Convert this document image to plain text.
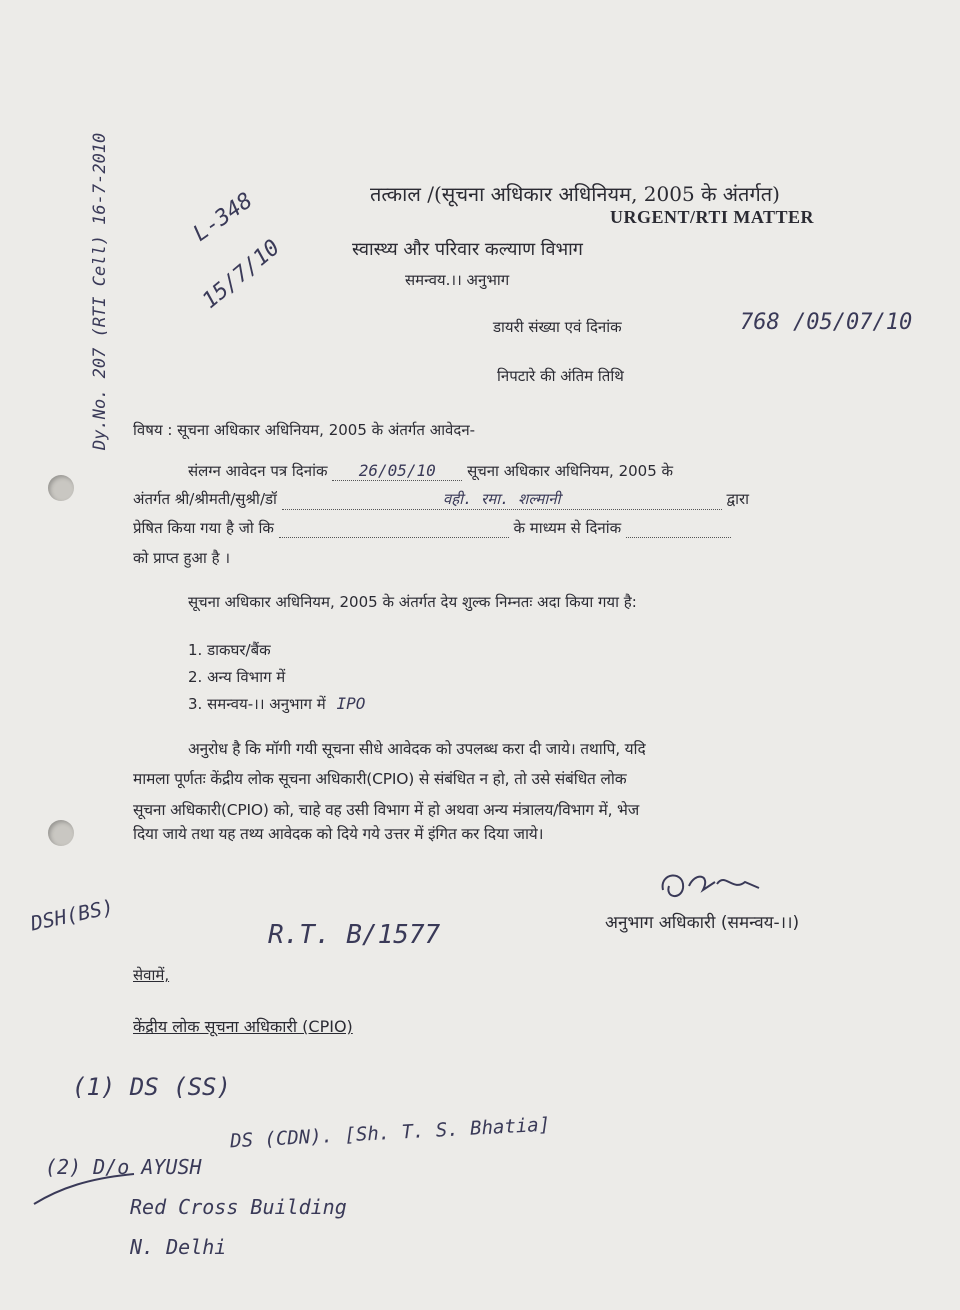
Dy.No. 207 (RTI Cell) 16-7-2010	L-348
15/7/10
तत्काल /(सूचना अधिकार अधिनियम, 2005 के अंतर्गत)
URGENT/RTI MATTER
स्वास्थ्य और परिवार कल्याण विभाग
समन्वय.।। अनुभाग
डायरी संख्या एवं दिनांक	768 /05/07/10
निपटारे की अंतिम तिथि
विषय : सूचना अधिकार अधिनियम, 2005 के अंतर्गत आवेदन-
संलग्न आवेदन पत्र दिनांक 26/05/10 सूचना अधिकार अधिनियम, 2005 के
अंतर्गत श्री/श्रीमती/सुश्री/डॉ	वही. रमा. शल्मानी	द्वारा
प्रेषित किया गया है जो कि	के माध्यम से दिनांक
को प्राप्त हुआ है ।
सूचना अधिकार अधिनियम, 2005 के अंतर्गत देय शुल्क निम्नतः अदा किया गया है:
1. डाकघर/बैंक
2. अन्य विभाग में
3. समन्वय-।। अनुभाग में IPO
अनुरोध है कि मॉगी गयी सूचना सीधे आवेदक को उपलब्ध करा दी जाये। तथापि, यदि
मामला पूर्णतः केंद्रीय लोक सूचना अधिकारी(CPIO) से संबंधित न हो, तो उसे संबंधित लोक
सूचना अधिकारी(CPIO) को, चाहे वह उसी विभाग में हो अथवा अन्य मंत्रालय/विभाग में, भेज
दिया जाये तथा यह तथ्य आवेदक को दिये गये उत्तर में इंगित कर दिया जाये।
अनुभाग अधिकारी (समन्वय-।।)
DSH(BS)	R.T. B/1577
सेवामें,
केंद्रीय लोक सूचना अधिकारी (CPIO)
(1) DS (SS)
DS (CDN). [Sh. T. S. Bhatia]
(2) D/o AYUSH
Red Cross Building
N. Delhi
